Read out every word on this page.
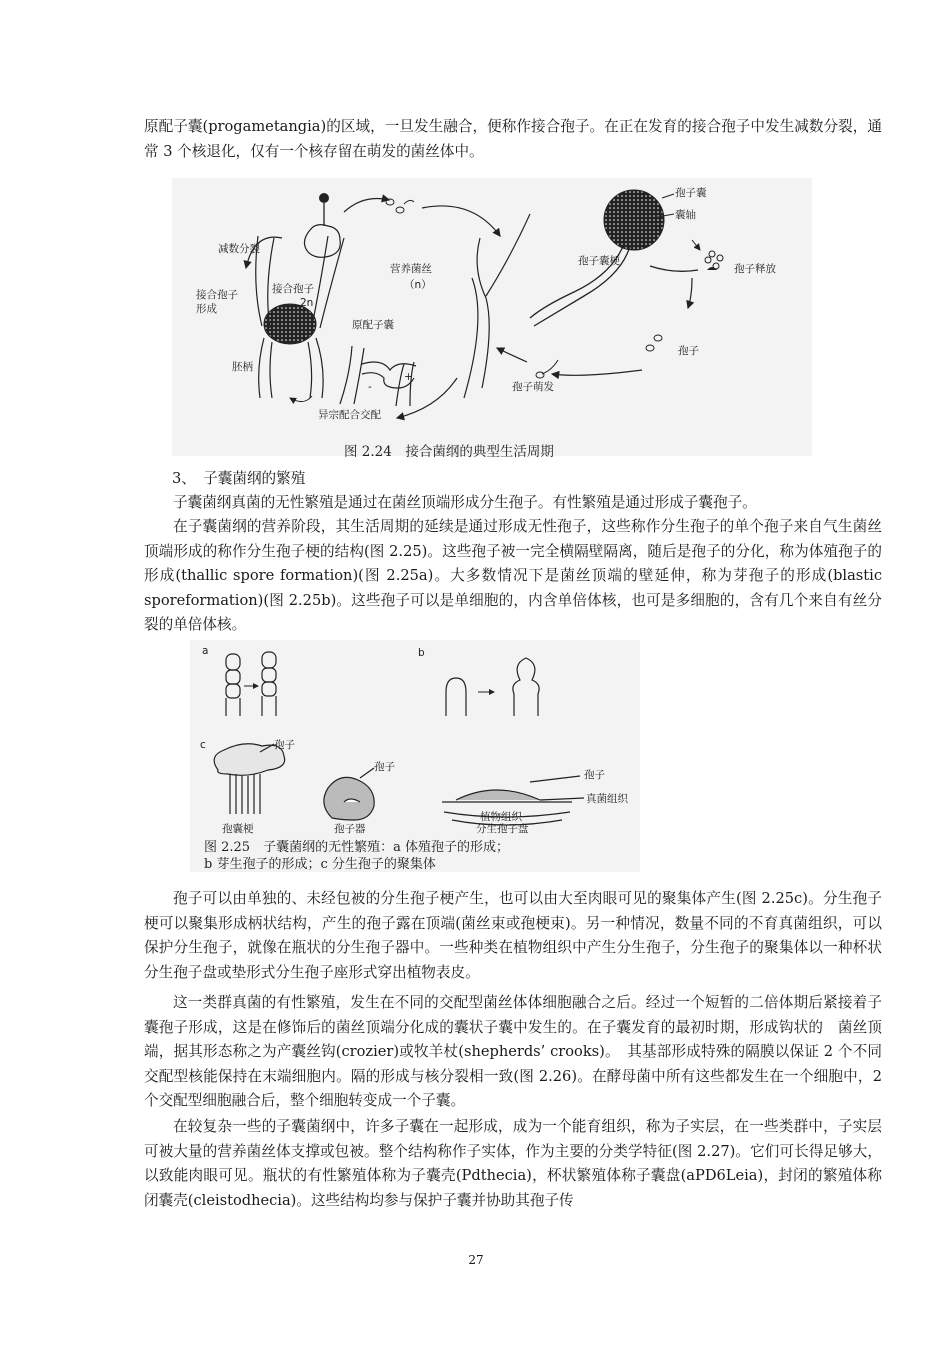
原配子囊(progametangia)的区域，一旦发生融合，便称作接合孢子。在正在发育的接合孢子中发生减数分裂，通常 3 个核退化，仅有一个核存留在萌发的菌丝体中。

孢子囊
囊轴
减数分裂
孢子囊梗
营养菌丝
（n）
孢子释放
接合孢子
形成
接合孢子
2n
原配子囊
孢子
胚柄
孢子萌发
异宗配合交配
-
+
图 2.24　接合菌纲的典型生活周期
3、　子囊菌纲的繁殖

子囊菌纲真菌的无性繁殖是通过在菌丝顶端形成分生孢子。有性繁殖是通过形成子囊孢子。

在子囊菌纲的营养阶段，其生活周期的延续是通过形成无性孢子，这些称作分生孢子的单个孢子来自气生菌丝顶端形成的称作分生孢子梗的结构(图 2.25)。这些孢子被一完全横隔壁隔离，随后是孢子的分化，称为体殖孢子的形成(thallic spore formation)(图 2.25a)。大多数情况下是菌丝顶端的壁延伸，称为芽孢子的形成(blastic sporeformation)(图 2.25b)。这些孢子可以是单细胞的，内含单倍体核，也可是多细胞的，含有几个来自有丝分裂的单倍体核。

a	b
c	孢子
孢子
孢子
真菌组织
植物组织
分生孢子盘
孢囊梗	孢子器
图 2.25　子囊菌纲的无性繁殖：a 体殖孢子的形成；
b 芽生孢子的形成；c 分生孢子的聚集体

孢子可以由单独的、未经包被的分生孢子梗产生，也可以由大至肉眼可见的聚集体产生(图 2.25c)。分生孢子梗可以聚集形成柄状结构，产生的孢子露在顶端(菌丝束或孢梗束)。另一种情况，数量不同的不育真菌组织，可以保护分生孢子，就像在瓶状的分生孢子器中。一些种类在植物组织中产生分生孢子，分生孢子的聚集体以一种杯状分生孢子盘或垫形式分生孢子座形式穿出植物表皮。

这一类群真菌的有性繁殖，发生在不同的交配型菌丝体体细胞融合之后。经过一个短暂的二倍体期后紧接着子囊孢子形成，这是在修饰后的菌丝顶端分化成的囊状子囊中发生的。在子囊发育的最初时期，形成钩状的　菌丝顶端，据其形态称之为产囊丝钩(crozier)或牧羊杖(shepherds’ crooks)。　其基部形成特殊的隔膜以保证 2 个不同交配型核能保持在末端细胞内。隔的形成与核分裂相一致(图 2.26)。在酵母菌中所有这些都发生在一个细胞中，2 个交配型细胞融合后，整个细胞转变成一个子囊。

在较复杂一些的子囊菌纲中，许多子囊在一起形成，成为一个能育组织，称为子实层，在一些类群中，子实层可被大量的营养菌丝体支撑或包被。整个结构称作子实体，作为主要的分类学特征(图 2.27)。它们可长得足够大，以致能肉眼可见。瓶状的有性繁殖体称为子囊壳(Pdthecia)，杯状繁殖体称子囊盘(aPD6Leia)，封闭的繁殖体称闭囊壳(cleistodhecia)。这些结构均参与保护子囊并协助其孢子传

27
